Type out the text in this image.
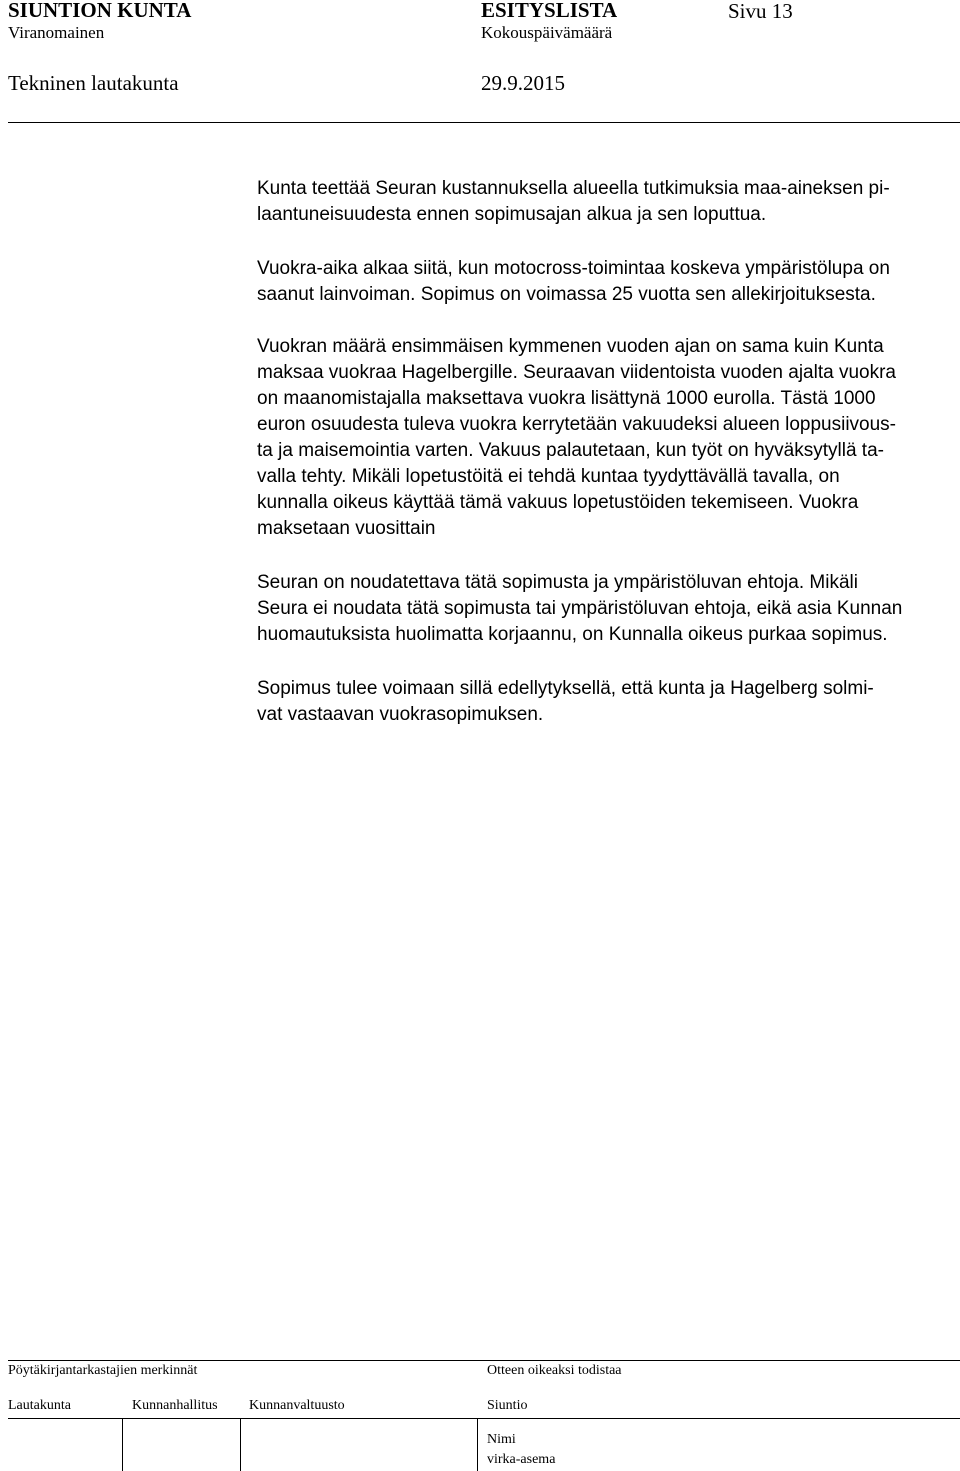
SIUNTION KUNTA	ESITYSLISTA	Sivu 13
Viranomainen	Kokouspäivämäärä
Tekninen lautakunta	29.9.2015
Kunta teettää Seuran kustannuksella alueella tutkimuksia maa-aineksen pi-
laantuneisuudesta ennen sopimusajan alkua ja sen loputtua.
Vuokra-aika alkaa siitä, kun motocross-toimintaa koskeva ympäristölupa on
saanut lainvoiman. Sopimus on voimassa 25 vuotta sen allekirjoituksesta.
Vuokran määrä ensimmäisen kymmenen vuoden ajan on sama kuin Kunta
maksaa vuokraa Hagelbergille. Seuraavan viidentoista vuoden ajalta vuokra
on maanomistajalla maksettava vuokra lisättynä 1000 eurolla. Tästä 1000
euron osuudesta tuleva vuokra kerrytetään vakuudeksi alueen loppusiivous-
ta ja maisemointia varten. Vakuus palautetaan, kun työt on hyväksytyllä ta-
valla tehty. Mikäli lopetustöitä ei tehdä kuntaa tyydyttävällä tavalla, on
kunnalla oikeus käyttää tämä vakuus lopetustöiden tekemiseen. Vuokra
maksetaan vuosittain
Seuran on noudatettava tätä sopimusta ja ympäristöluvan ehtoja. Mikäli
Seura ei noudata tätä sopimusta tai ympäristöluvan ehtoja, eikä asia Kunnan
huomautuksista huolimatta korjaannu, on Kunnalla oikeus purkaa sopimus.
Sopimus tulee voimaan sillä edellytyksellä, että kunta ja Hagelberg solmi-
vat vastaavan vuokrasopimuksen.
Pöytäkirjantarkastajien merkinnät	Otteen oikeaksi todistaa
Lautakunta	Kunnanhallitus Kunnanvaltuusto	Siuntio
Nimi
virka-asema
